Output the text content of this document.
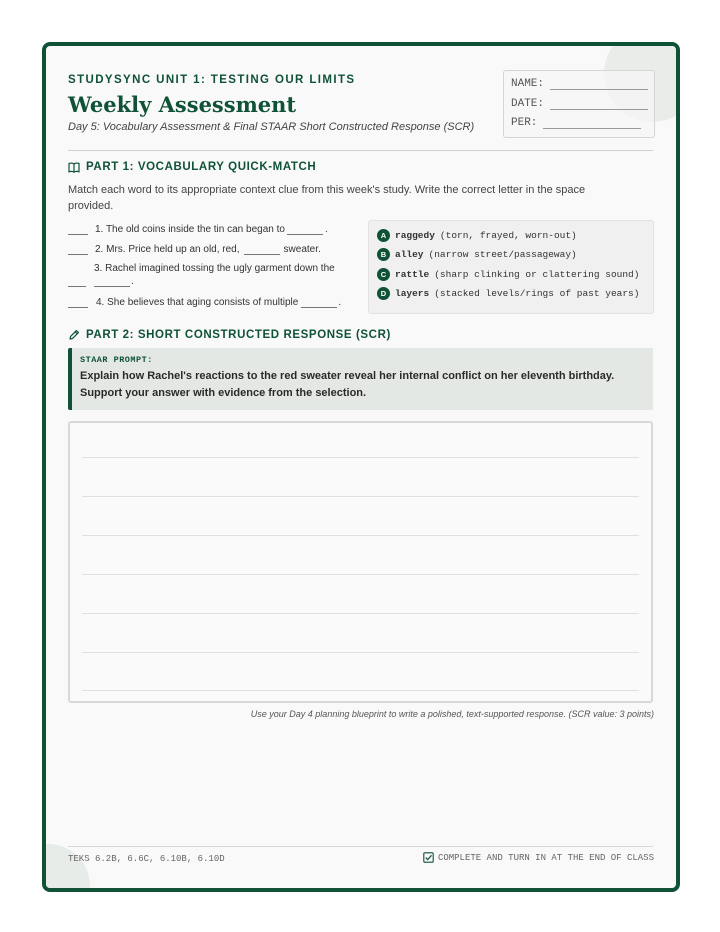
STUDYSYNC UNIT 1: TESTING OUR LIMITS
Weekly Assessment
Day 5: Vocabulary Assessment & Final STAAR Short Constructed Response (SCR)
NAME:
DATE:
PER:
PART 1: VOCABULARY QUICK-MATCH
Match each word to its appropriate context clue from this week's study. Write the correct letter in the space provided.
1. The old coins inside the tin can began to	.
2. Mrs. Price held up an old, red,	sweater.
3. Rachel imagined tossing the ugly garment down the
.
4. She believes that aging consists of multiple	.
A raggedy (torn, frayed, worn-out)
B alley (narrow street/passageway)
C rattle (sharp clinking or clattering sound)
D layers (stacked levels/rings of past years)
PART 2: SHORT CONSTRUCTED RESPONSE (SCR)
STAAR PROMPT:
Explain how Rachel's reactions to the red sweater reveal her internal conflict on her eleventh birthday. Support your answer with evidence from the selection.
Use your Day 4 planning blueprint to write a polished, text-supported response. (SCR value: 3 points)
TEKS 6.2B, 6.6C, 6.10B, 6.10D	COMPLETE AND TURN IN AT THE END OF CLASS
